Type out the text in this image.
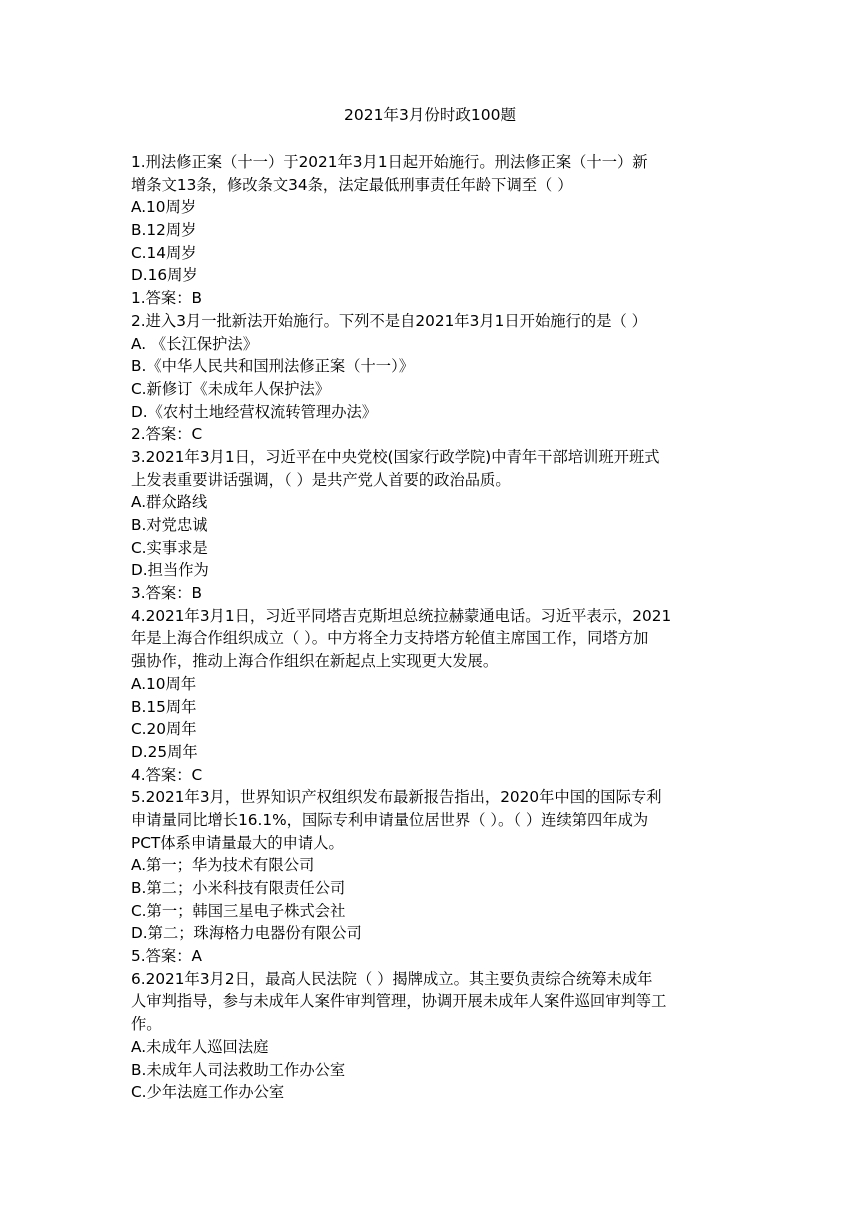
2021年3月份时政100题
1.刑法修正案（十一）于2021年3月1日起开始施行。刑法修正案（十一）新
增条文13条，修改条文34条，法定最低刑事责任年龄下调至（ ）
A.10周岁
B.12周岁
C.14周岁
D.16周岁
1.答案：B
2.进入3月一批新法开始施行。下列不是自2021年3月1日开始施行的是（ ）
A. 《长江保护法》
B.《中华人民共和国刑法修正案（十一）》
C.新修订《未成年人保护法》
D.《农村土地经营权流转管理办法》
2.答案：C
3.2021年3月1日，习近平在中央党校(国家行政学院)中青年干部培训班开班式
上发表重要讲话强调，（ ）是共产党人首要的政治品质。
A.群众路线
B.对党忠诚
C.实事求是
D.担当作为
3.答案：B
4.2021年3月1日，习近平同塔吉克斯坦总统拉赫蒙通电话。习近平表示，2021
年是上海合作组织成立（ ）。中方将全力支持塔方轮值主席国工作，同塔方加
强协作，推动上海合作组织在新起点上实现更大发展。
A.10周年
B.15周年
C.20周年
D.25周年
4.答案：C
5.2021年3月，世界知识产权组织发布最新报告指出，2020年中国的国际专利
申请量同比增长16.1%，国际专利申请量位居世界（ ）。（ ）连续第四年成为
PCT体系申请量最大的申请人。
A.第一；华为技术有限公司
B.第二；小米科技有限责任公司
C.第一；韩国三星电子株式会社
D.第二；珠海格力电器份有限公司
5.答案：A
6.2021年3月2日，最高人民法院（ ）揭牌成立。其主要负责综合统筹未成年
人审判指导，参与未成年人案件审判管理，协调开展未成年人案件巡回审判等工
作。
A.未成年人巡回法庭
B.未成年人司法救助工作办公室
C.少年法庭工作办公室
